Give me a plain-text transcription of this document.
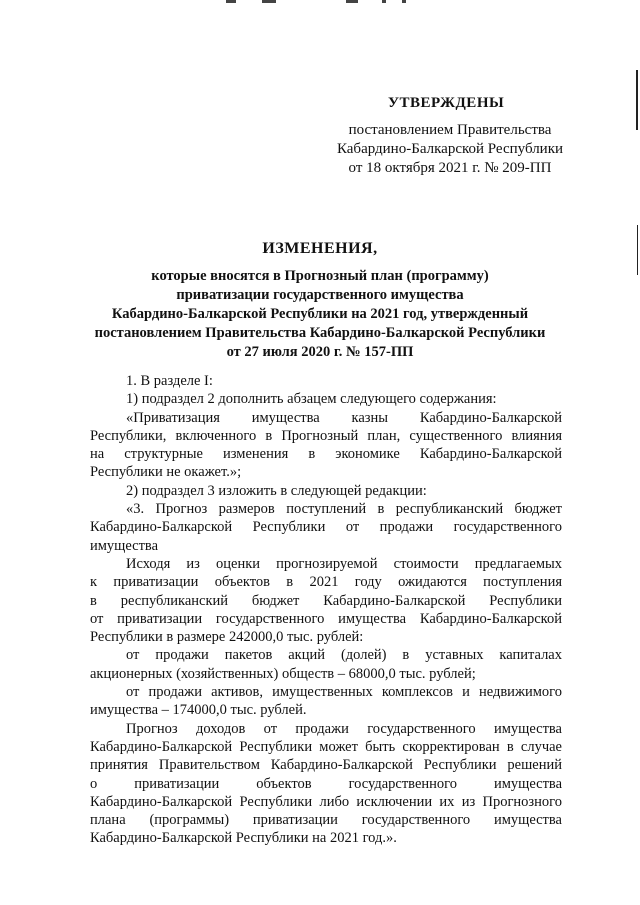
УТВЕРЖДЕНЫ
постановлением Правительства
Кабардино-Балкарской Республики
от 18 октября 2021 г. № 209-ПП
ИЗМЕНЕНИЯ,
которые вносятся в Прогнозный план (программу)
приватизации государственного имущества
Кабардино-Балкарской Республики на 2021 год, утвержденный
постановлением Правительства Кабардино-Балкарской Республики
от 27 июля 2020 г. № 157-ПП
1. В разделе I:
1) подраздел 2 дополнить абзацем следующего содержания:
«Приватизация имущества казны Кабардино-Балкарской
Республики, включенного в Прогнозный план, существенного влияния
на структурные изменения в экономике Кабардино-Балкарской
Республики не окажет.»;
2) подраздел 3 изложить в следующей редакции:
«3. Прогноз размеров поступлений в республиканский бюджет
Кабардино-Балкарской Республики от продажи государственного
имущества
Исходя из оценки прогнозируемой стоимости предлагаемых
к приватизации объектов в 2021 году ожидаются поступления
в республиканский бюджет Кабардино-Балкарской Республики
от приватизации государственного имущества Кабардино-Балкарской
Республики в размере 242000,0 тыс. рублей:
от продажи пакетов акций (долей) в уставных капиталах
акционерных (хозяйственных) обществ – 68000,0 тыс. рублей;
от продажи активов, имущественных комплексов и недвижимого
имущества – 174000,0 тыс. рублей.
Прогноз доходов от продажи государственного имущества
Кабардино-Балкарской Республики может быть скорректирован в случае
принятия Правительством Кабардино-Балкарской Республики решений
о приватизации объектов государственного имущества
Кабардино-Балкарской Республики либо исключении их из Прогнозного
плана (программы) приватизации государственного имущества
Кабардино-Балкарской Республики на 2021 год.».
